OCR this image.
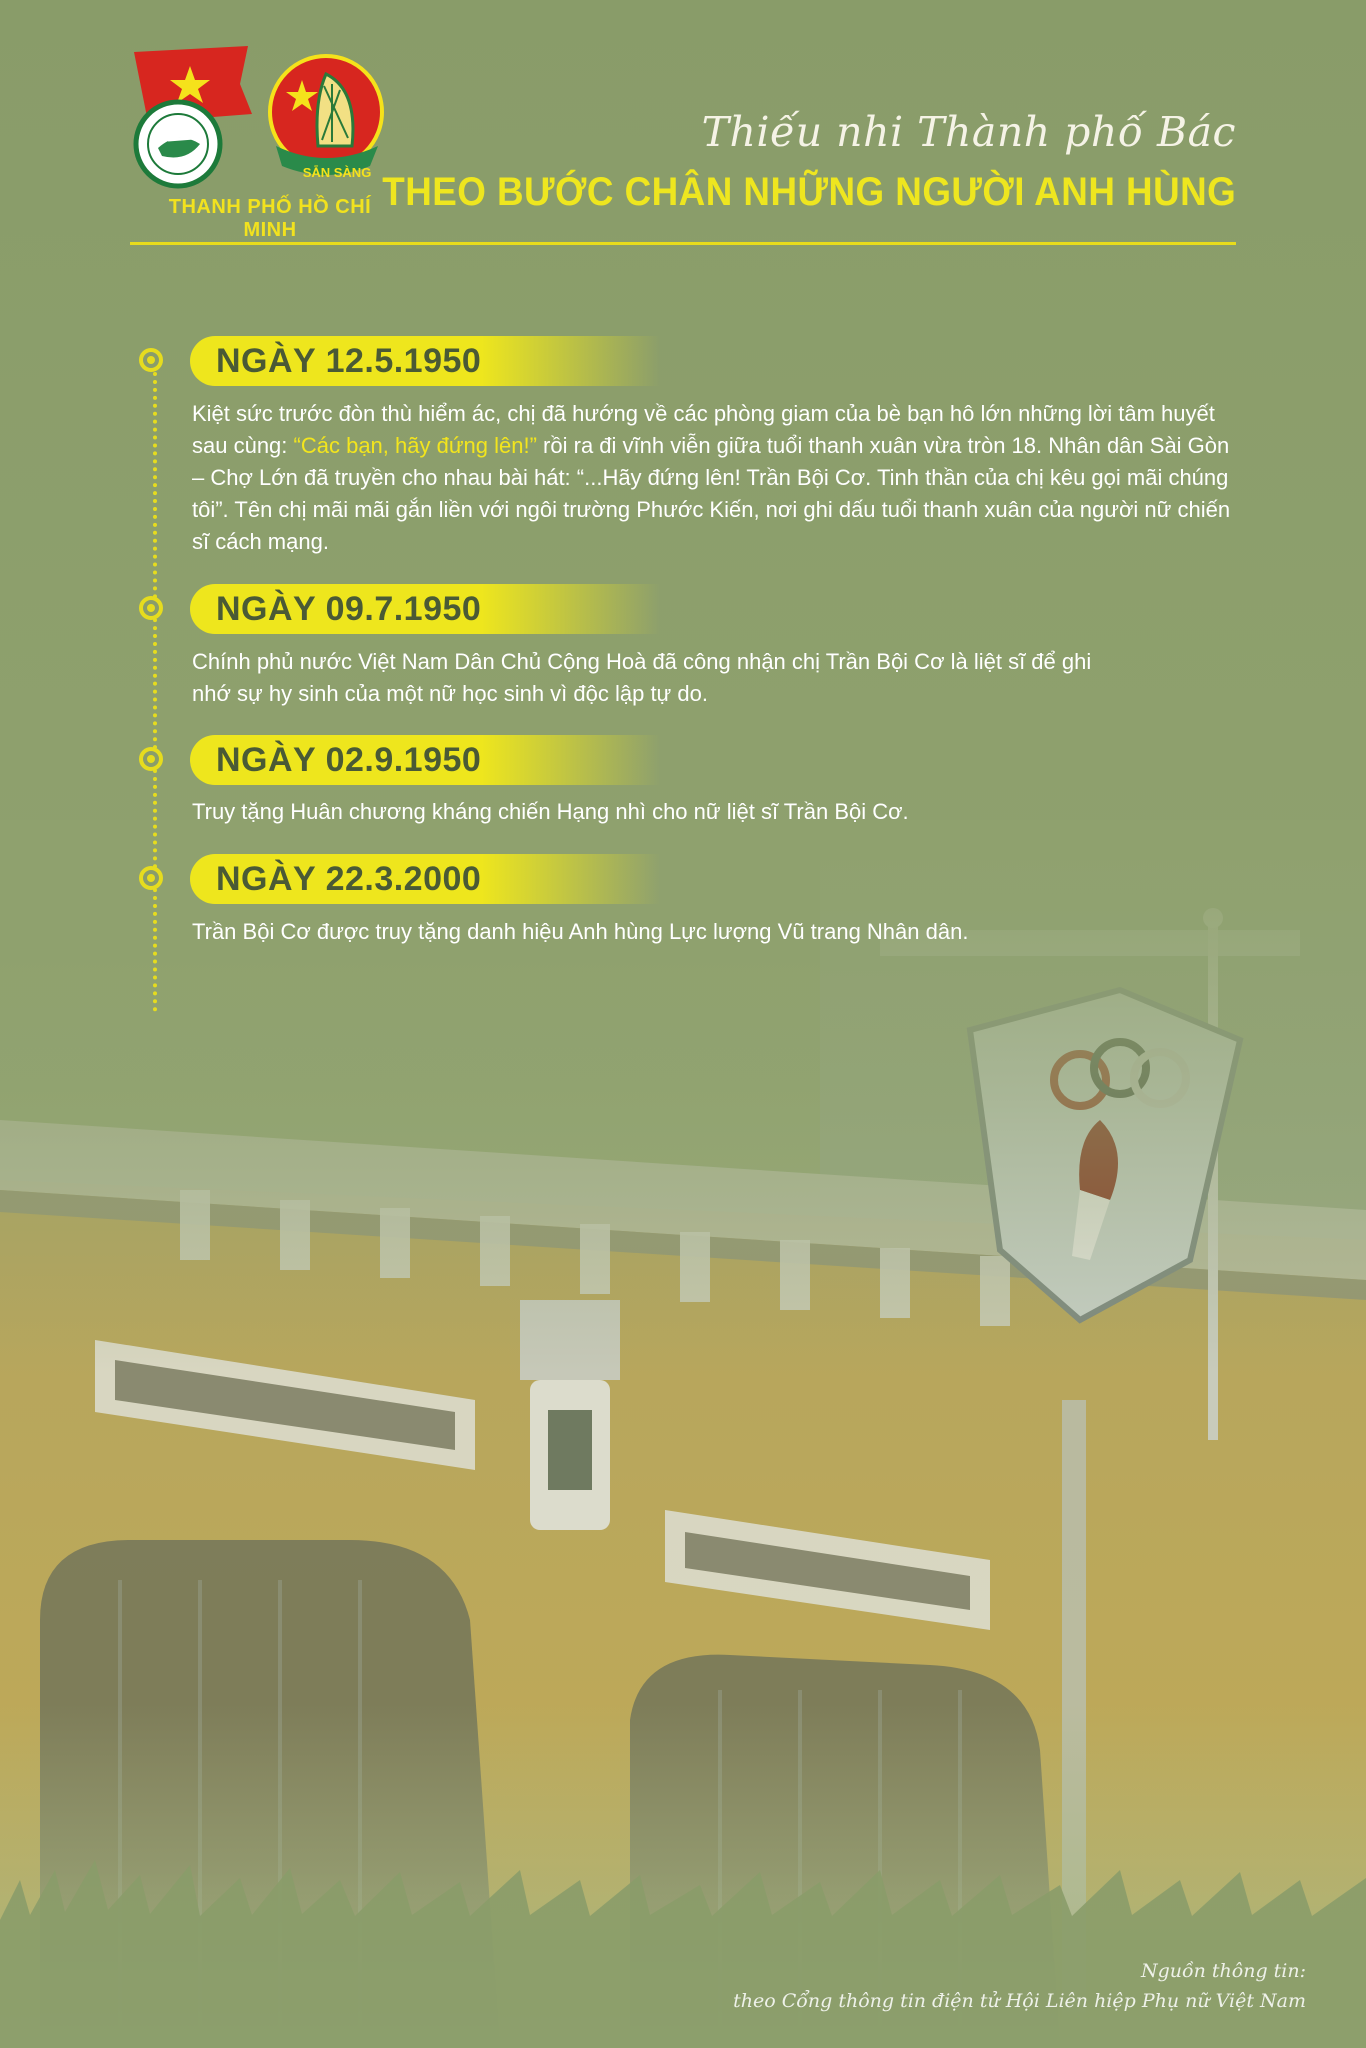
SẴN SÀNG
THANH PHỐ HỒ CHÍ MINH
Thiếu nhi Thành phố Bác
THEO BƯỚC CHÂN NHỮNG NGƯỜI ANH HÙNG
NGÀY 12.5.1950
Kiệt sức trước đòn thù hiểm ác, chị đã hướng về các phòng giam của bè bạn hô lớn những lời tâm huyết sau cùng: “Các bạn, hãy đứng lên!” rồi ra đi vĩnh viễn giữa tuổi thanh xuân vừa tròn 18. Nhân dân Sài Gòn – Chợ Lớn đã truyền cho nhau bài hát: “...Hãy đứng lên! Trần Bội Cơ. Tinh thần của chị kêu gọi mãi chúng tôi”. Tên chị mãi mãi gắn liền với ngôi trường Phước Kiến, nơi ghi dấu tuổi thanh xuân của người nữ chiến sĩ cách mạng.
NGÀY 09.7.1950
Chính phủ nước Việt Nam Dân Chủ Cộng Hoà đã công nhận chị Trần Bội Cơ là liệt sĩ để ghi nhớ sự hy sinh của một nữ học sinh vì độc lập tự do.
NGÀY 02.9.1950
Truy tặng Huân chương kháng chiến Hạng nhì cho nữ liệt sĩ Trần Bội Cơ.
NGÀY 22.3.2000
Trần Bội Cơ được truy tặng danh hiệu Anh hùng Lực lượng Vũ trang Nhân dân.
Nguồn thông tin:
theo Cổng thông tin điện tử Hội Liên hiệp Phụ nữ Việt Nam
